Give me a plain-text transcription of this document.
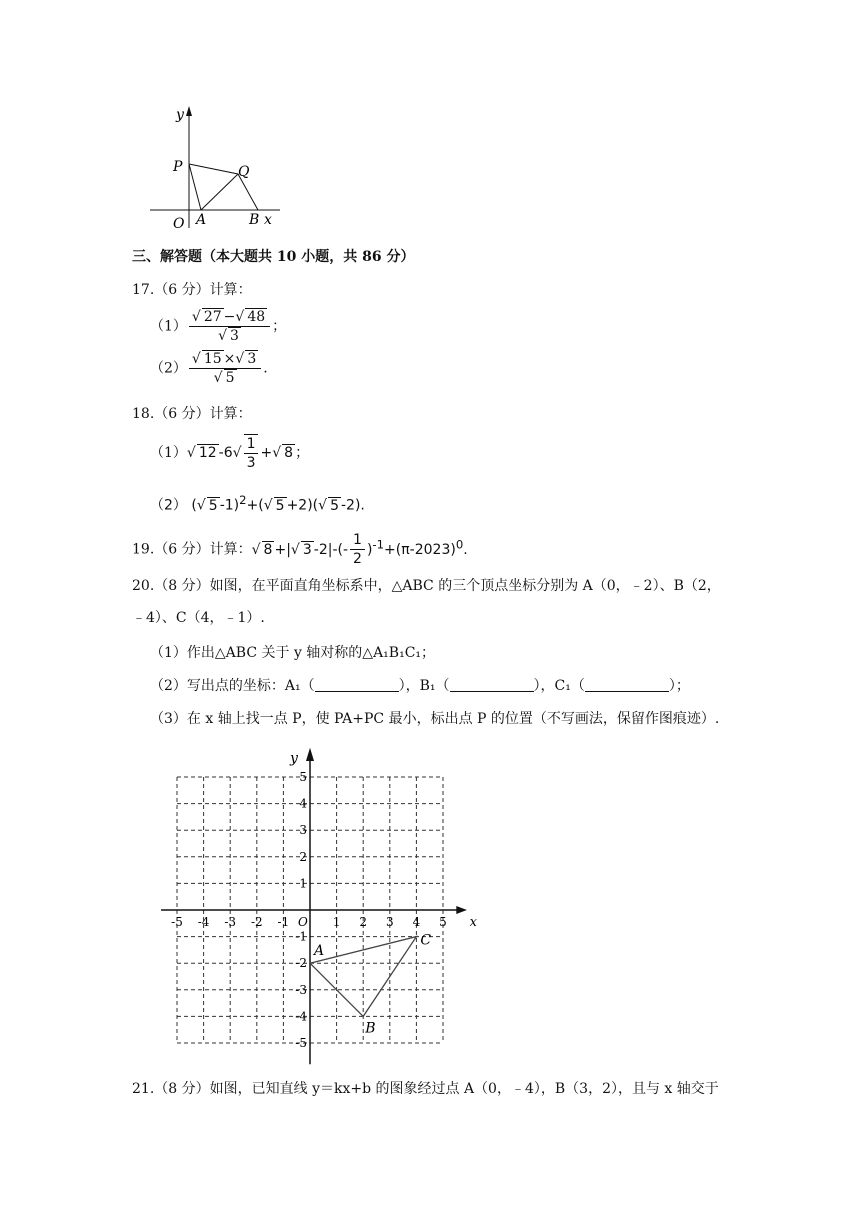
y
P	Q
O A	B x
三、解答题（本大题共 10 小题，共 86 分）
17.（6 分）计算：
$(1) \frac{√ 27 -√ 48}{√ 3}$ ；
$(2) \frac{√ 15 \times√ 3}{√ 5}$ .
18.（6 分）计算：
（1）√ 12 $-6√ \frac{1}{3}$ +√ 8 ；
（2） (√ 5 -1)$^2$+(√ 5 +2)(√ 5 -2).
19.（6 分）计算：√ 8 +|√ 3 $-2|-(- \frac{1}{2} )^{-1}+(\pi-2023)^0$.
20.（8 分）如图，在平面直角坐标系中，△ABC 的三个顶点坐标分别为 A（0，﹣2）、B（2，
﹣4）、C（4，﹣1）.
（1）作出△ABC 关于 y 轴对称的△A₁B₁C₁；
（2）写出点的坐标：A₁（	），B₁（	），C₁（	）；
（3）在 x 轴上找一点 P，使 PA+PC 最小，标出点 P 的位置（不写画法，保留作图痕迹）.
x
y
O
-5 -4 -3 -2 -1	1 2 3 4 5
5
4
3
2
1
-1
-2
-3
-4
-5
A
B
C
21.（8 分）如图，已知直线 y＝kx+b 的图象经过点 A（0，﹣4），B（3，2），且与 x 轴交于
